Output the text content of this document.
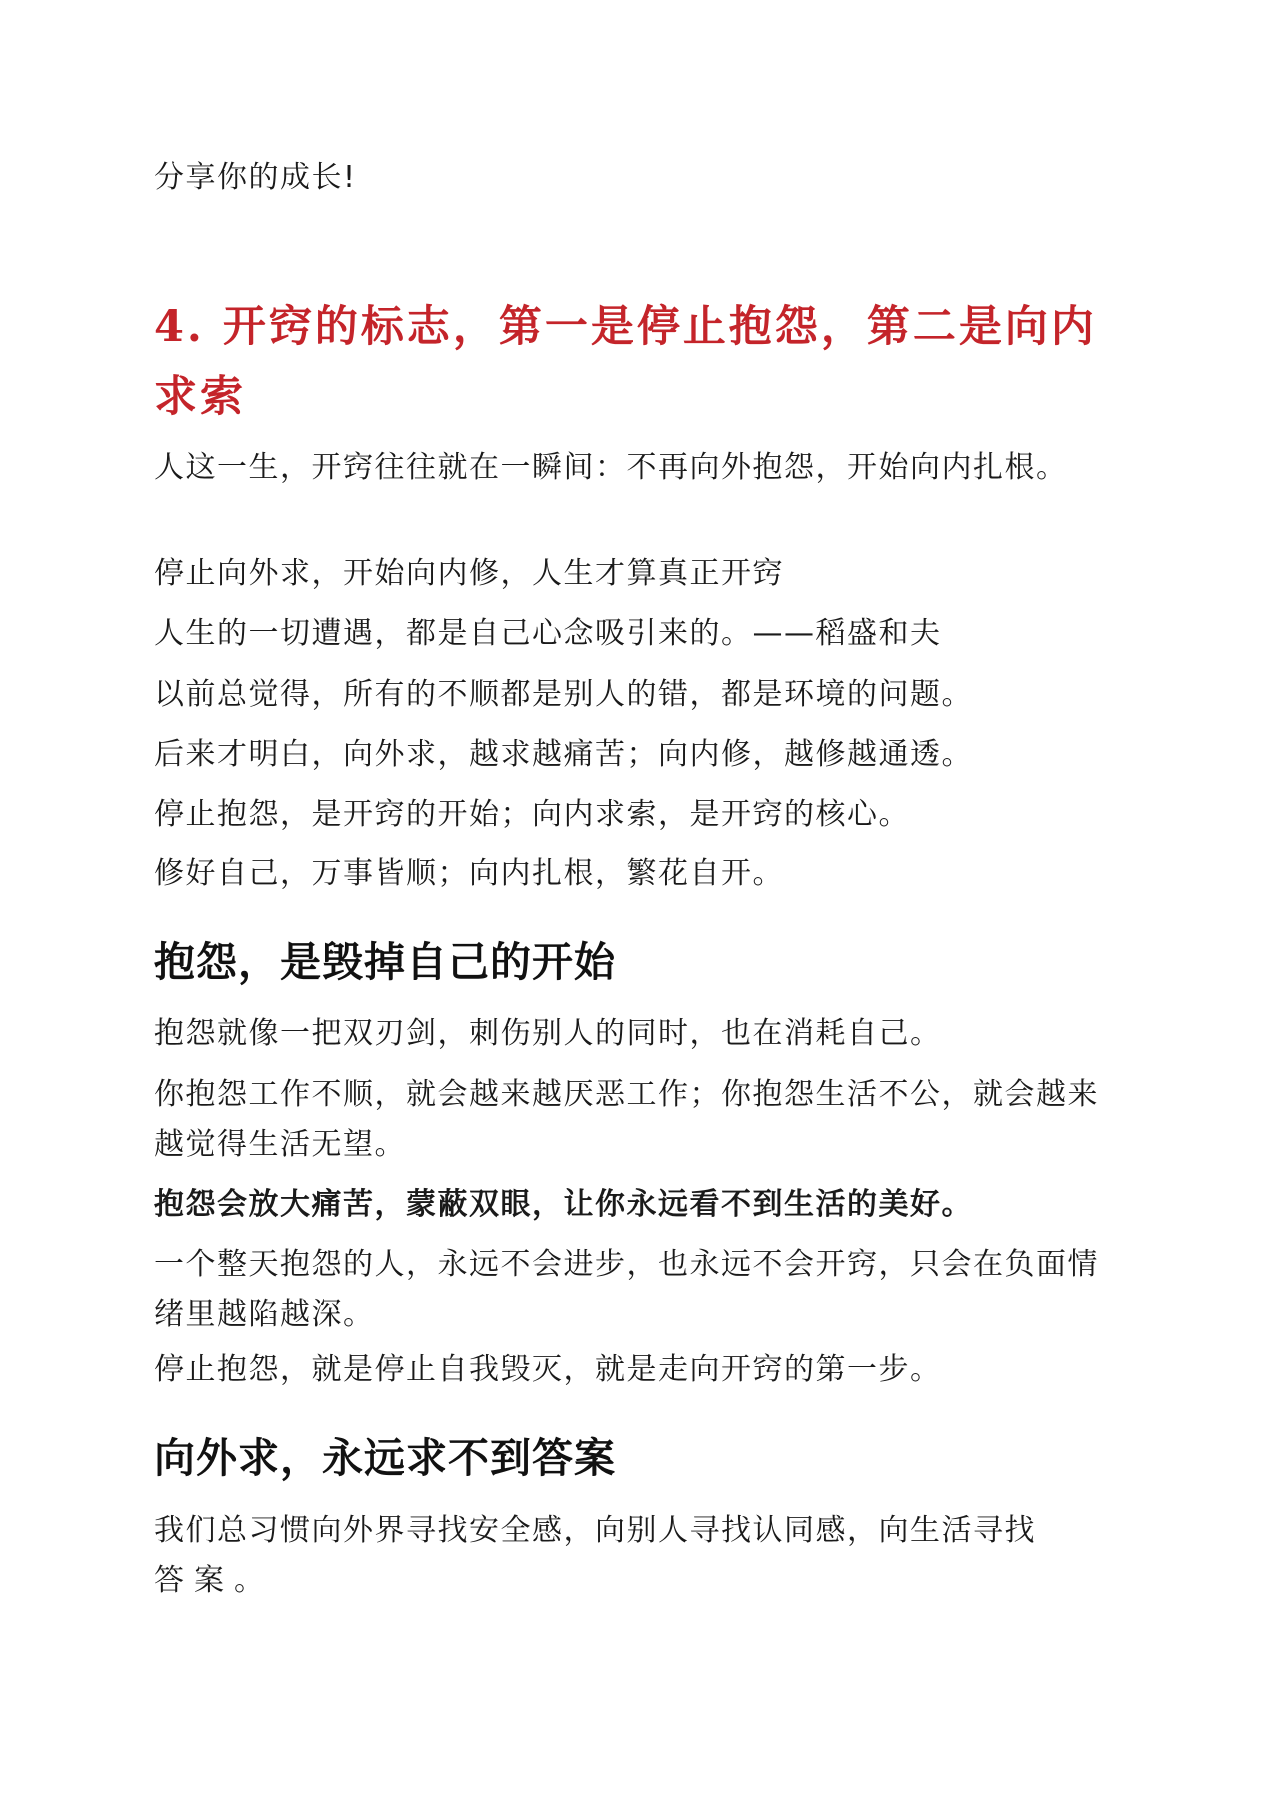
分享你的成长!

4. 开窍的标志，第一是停止抱怨，第二是向内求索

人这一生，开窍往往就在一瞬间：不再向外抱怨，开始向内扎根。

停止向外求，开始向内修，人生才算真正开窍

人生的一切遭遇，都是自己心念吸引来的。——稻盛和夫

以前总觉得，所有的不顺都是别人的错，都是环境的问题。

后来才明白，向外求，越求越痛苦；向内修，越修越通透。

停止抱怨，是开窍的开始；向内求索，是开窍的核心。

修好自己，万事皆顺；向内扎根，繁花自开。

抱怨，是毁掉自己的开始

抱怨就像一把双刃剑，刺伤别人的同时，也在消耗自己。

你抱怨工作不顺，就会越来越厌恶工作；你抱怨生活不公，就会越来越觉得生活无望。

抱怨会放大痛苦，蒙蔽双眼，让你永远看不到生活的美好。

一个整天抱怨的人，永远不会进步，也永远不会开窍，只会在负面情绪里越陷越深。

停止抱怨，就是停止自我毁灭，就是走向开窍的第一步。

向外求，永远求不到答案

我们总习惯向外界寻找安全感，向别人寻找认同感，向生活寻找

答案。
